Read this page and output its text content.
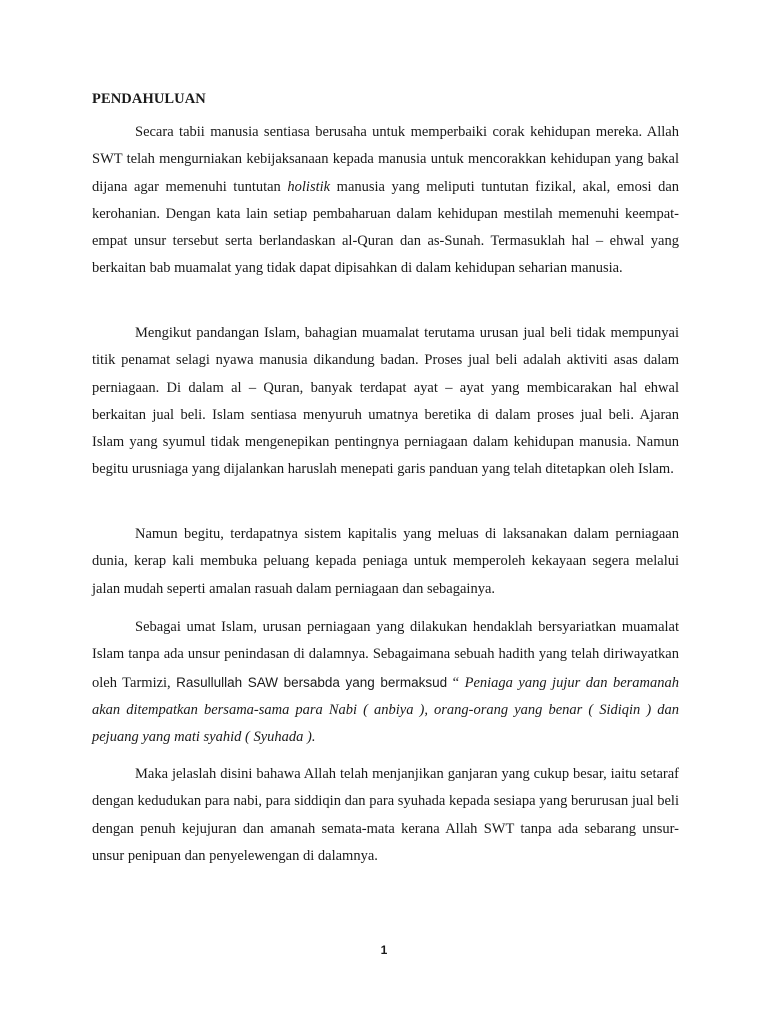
PENDAHULUAN

Secara tabii manusia sentiasa berusaha untuk memperbaiki corak kehidupan mereka. Allah SWT telah mengurniakan kebijaksanaan kepada manusia untuk mencorakkan kehidupan yang bakal dijana agar memenuhi tuntutan holistik manusia yang meliputi tuntutan fizikal, akal, emosi dan kerohanian. Dengan kata lain setiap pembaharuan dalam kehidupan mestilah memenuhi keempat-empat unsur tersebut serta berlandaskan al-Quran dan as-Sunah. Termasuklah hal – ehwal yang berkaitan bab muamalat yang tidak dapat dipisahkan di dalam kehidupan seharian manusia.

Mengikut pandangan Islam, bahagian muamalat terutama urusan jual beli tidak mempunyai titik penamat selagi nyawa manusia dikandung badan. Proses jual beli adalah aktiviti asas dalam perniagaan. Di dalam al – Quran, banyak terdapat ayat – ayat yang membicarakan hal ehwal berkaitan jual beli. Islam sentiasa menyuruh umatnya beretika di dalam proses jual beli. Ajaran Islam yang syumul tidak mengenepikan pentingnya perniagaan dalam kehidupan manusia. Namun begitu urusniaga yang dijalankan haruslah menepati garis panduan yang telah ditetapkan oleh Islam.

Namun begitu, terdapatnya sistem kapitalis yang meluas di laksanakan dalam perniagaan dunia, kerap kali membuka peluang kepada peniaga untuk memperoleh kekayaan segera melalui jalan mudah seperti amalan rasuah dalam perniagaan dan sebagainya.

Sebagai umat Islam, urusan perniagaan yang dilakukan hendaklah bersyariatkan muamalat Islam tanpa ada unsur penindasan di dalamnya. Sebagaimana sebuah hadith yang telah diriwayatkan oleh Tarmizi, Rasullullah SAW bersabda yang bermaksud “ Peniaga yang jujur dan beramanah akan ditempatkan bersama-sama para Nabi ( anbiya ), orang-orang yang benar ( Sidiqin ) dan pejuang yang mati syahid ( Syuhada ).

Maka jelaslah disini bahawa Allah telah menjanjikan ganjaran yang cukup besar, iaitu setaraf dengan kedudukan para nabi, para siddiqin dan para syuhada kepada sesiapa yang berurusan jual beli dengan penuh kejujuran dan amanah semata-mata kerana Allah SWT tanpa ada sebarang unsur-unsur penipuan dan penyelewengan di dalamnya.

1
